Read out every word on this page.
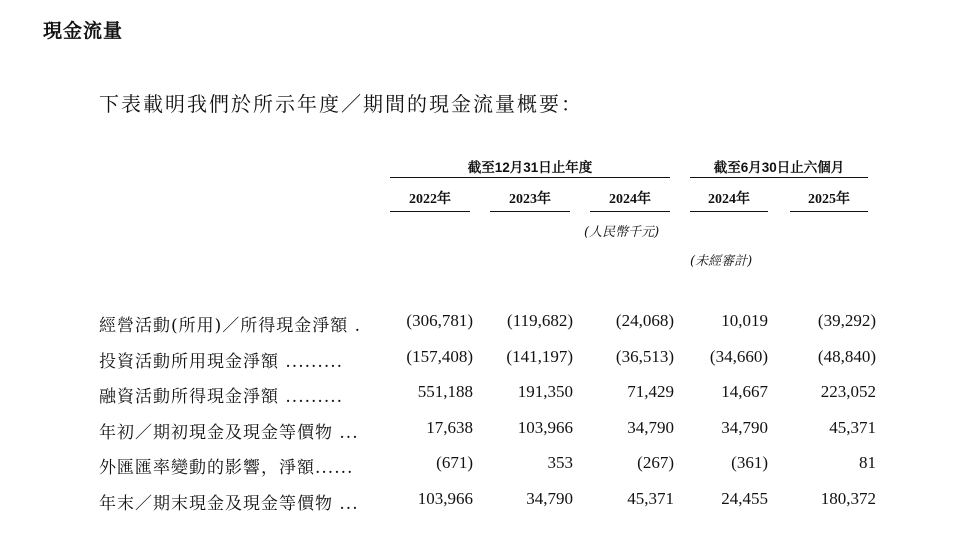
現金流量
下表載明我們於所示年度／期間的現金流量概要：
截至12月31日止年度	截至6月30日止六個月
2022年	2023年	2024年	2024年	2025年
(人民幣千元)
(未經審計)
經營活動(所用)／所得現金淨額 .	(306,781)	(119,682)	(24,068)	10,019	(39,292)
投資活動所用現金淨額 .........	(157,408)	(141,197)	(36,513)	(34,660)	(48,840)
融資活動所得現金淨額 .........	551,188	191,350	71,429	14,667	223,052
年初／期初現金及現金等價物 ...	17,638	103,966	34,790	34,790	45,371
外匯匯率變動的影響，淨額......	(671)	353	(267)	(361)	81
年末／期末現金及現金等價物 ...	103,966	34,790	45,371	24,455	180,372
